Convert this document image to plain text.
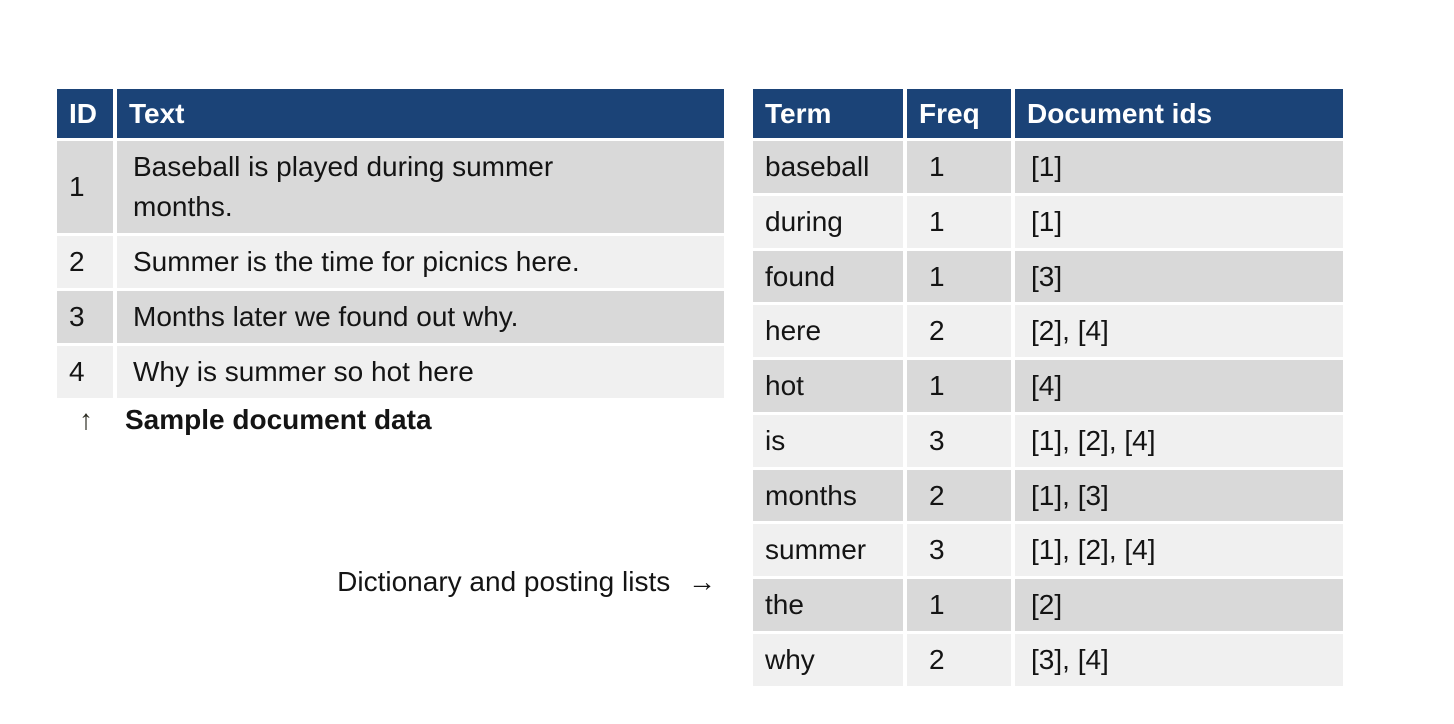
ID	Text
1	Baseball is played during summer months.
2	Summer is the time for picnics here.
3	Months later we found out why.
4	Why is summer so hot here
↑ Sample document data
Dictionary and posting lists →
Term	Freq	Document ids
baseball	1	[1]
during	1	[1]
found	1	[3]
here	2	[2], [4]
hot	1	[4]
is	3	[1], [2], [4]
months	2	[1], [3]
summer	3	[1], [2], [4]
the	1	[2]
why	2	[3], [4]
